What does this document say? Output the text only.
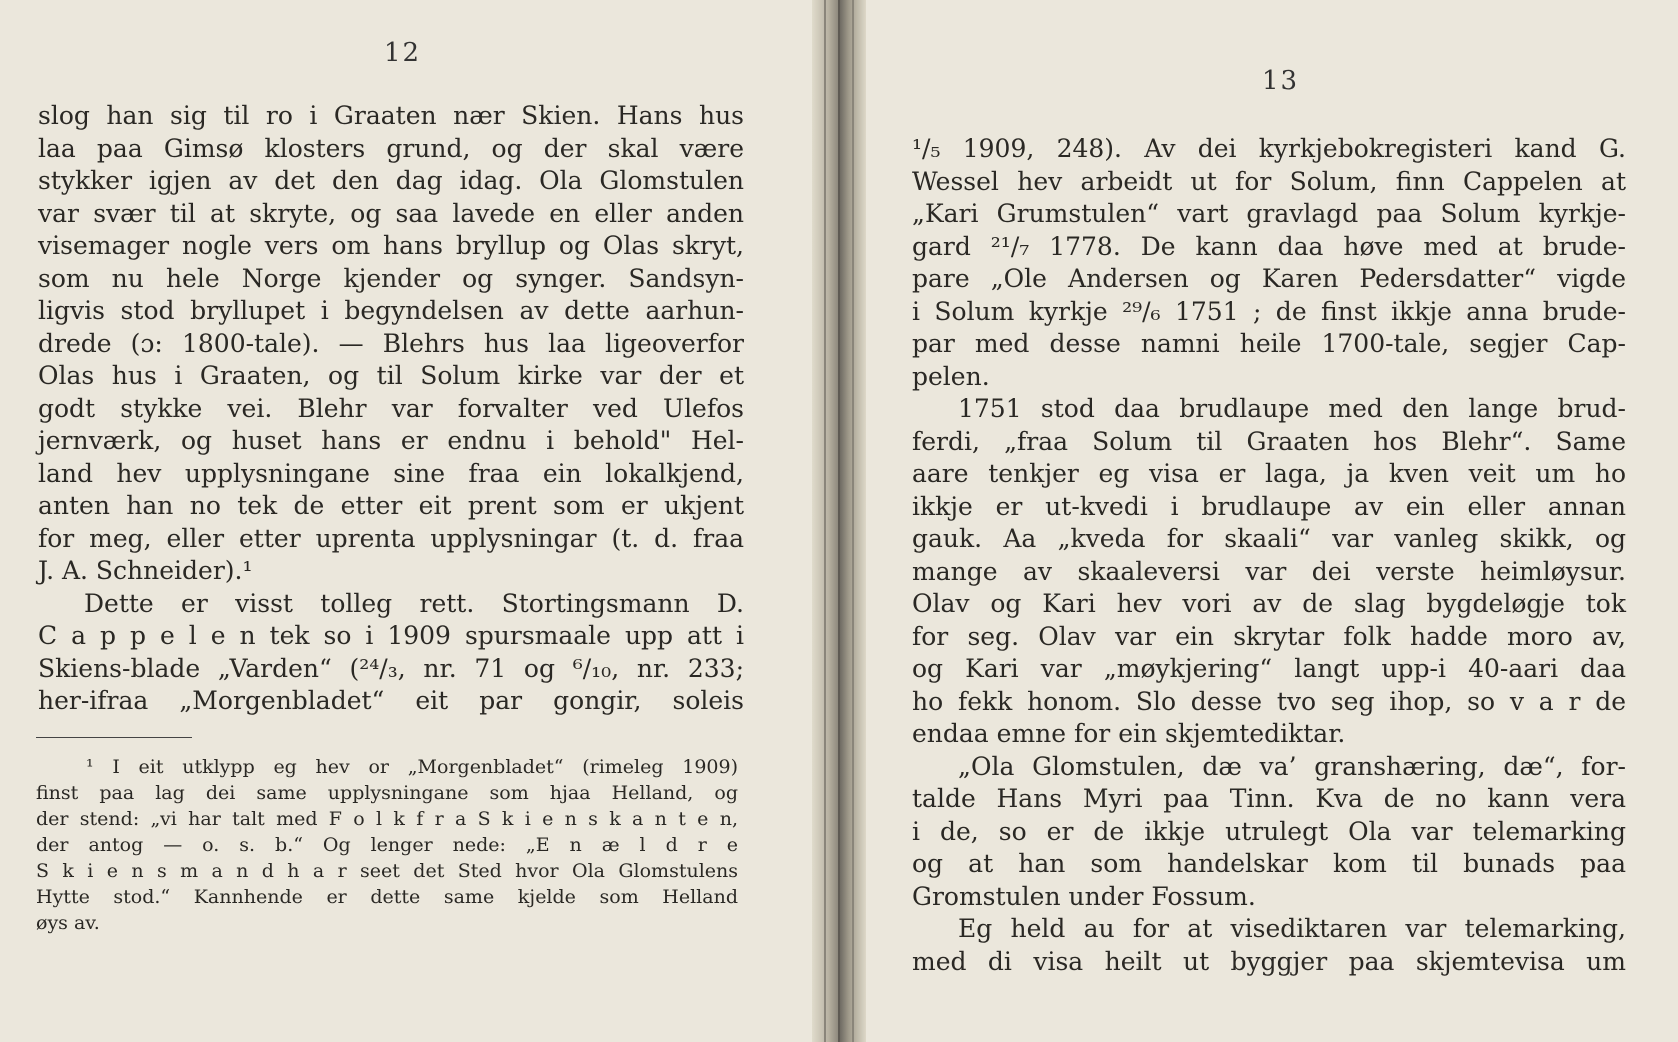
12
slog han sig til ro i Graaten nær Skien. Hans hus
laa paa Gimsø klosters grund, og der skal være
stykker igjen av det den dag idag. Ola Glomstulen
var svær til at skryte, og saa lavede en eller anden
visemager nogle vers om hans bryllup og Olas skryt,
som nu hele Norge kjender og synger. Sandsyn-
ligvis stod bryllupet i begyndelsen av dette aarhun-
drede (ɔ: 1800-tale). — Blehrs hus laa ligeoverfor
Olas hus i Graaten, og til Solum kirke var der et
godt stykke vei. Blehr var forvalter ved Ulefos
jernværk, og huset hans er endnu i behold" Hel-
land hev upplysningane sine fraa ein lokalkjend,
anten han no tek de etter eit prent som er ukjent
for meg, eller etter uprenta upplysningar (t. d. fraa
J. A. Schneider).¹
Dette er visst tolleg rett. Stortingsmann D.
C a p p e l e n tek so i 1909 spursmaale upp att i
Skiens-blade „Varden“ (²⁴/₃, nr. 71 og ⁶/₁₀, nr. 233;
her-ifraa „Morgenbladet“ eit par gongir, soleis
¹ I eit utklypp eg hev or „Morgenbladet“ (rimeleg 1909)
finst paa lag dei same upplysningane som hjaa Helland, og
der stend: „vi har talt med F o l k f r a S k i e n s k a n t e n,
der antog — o. s. b.“ Og lenger nede: „E n æ l d r e
S k i e n s m a n d h a r seet det Sted hvor Ola Glomstulens
Hytte stod.“ Kannhende er dette same kjelde som Helland
øys av.
13
¹/₅ 1909, 248). Av dei kyrkjebokregisteri kand G.
Wessel hev arbeidt ut for Solum, finn Cappelen at
„Kari Grumstulen“ vart gravlagd paa Solum kyrkje-
gard ²¹/₇ 1778. De kann daa høve med at brude-
pare „Ole Andersen og Karen Pedersdatter“ vigde
i Solum kyrkje ²⁹/₆ 1751 ; de finst ikkje anna brude-
par med desse namni heile 1700-tale, segjer Cap-
pelen.
1751 stod daa brudlaupe med den lange brud-
ferdi, „fraa Solum til Graaten hos Blehr“. Same
aare tenkjer eg visa er laga, ja kven veit um ho
ikkje er ut-kvedi i brudlaupe av ein eller annan
gauk. Aa „kveda for skaali“ var vanleg skikk, og
mange av skaaleversi var dei verste heimløysur.
Olav og Kari hev vori av de slag bygdeløgje tok
for seg. Olav var ein skrytar folk hadde moro av,
og Kari var „møykjering“ langt upp-i 40-aari daa
ho fekk honom. Slo desse tvo seg ihop, so v a r de
endaa emne for ein skjemtediktar.
„Ola Glomstulen, dæ va’ granshæring, dæ“, for-
talde Hans Myri paa Tinn. Kva de no kann vera
i de, so er de ikkje utrulegt Ola var telemarking
og at han som handelskar kom til bunads paa
Gromstulen under Fossum.
Eg held au for at visediktaren var telemarking,
med di visa heilt ut byggjer paa skjemtevisa um
